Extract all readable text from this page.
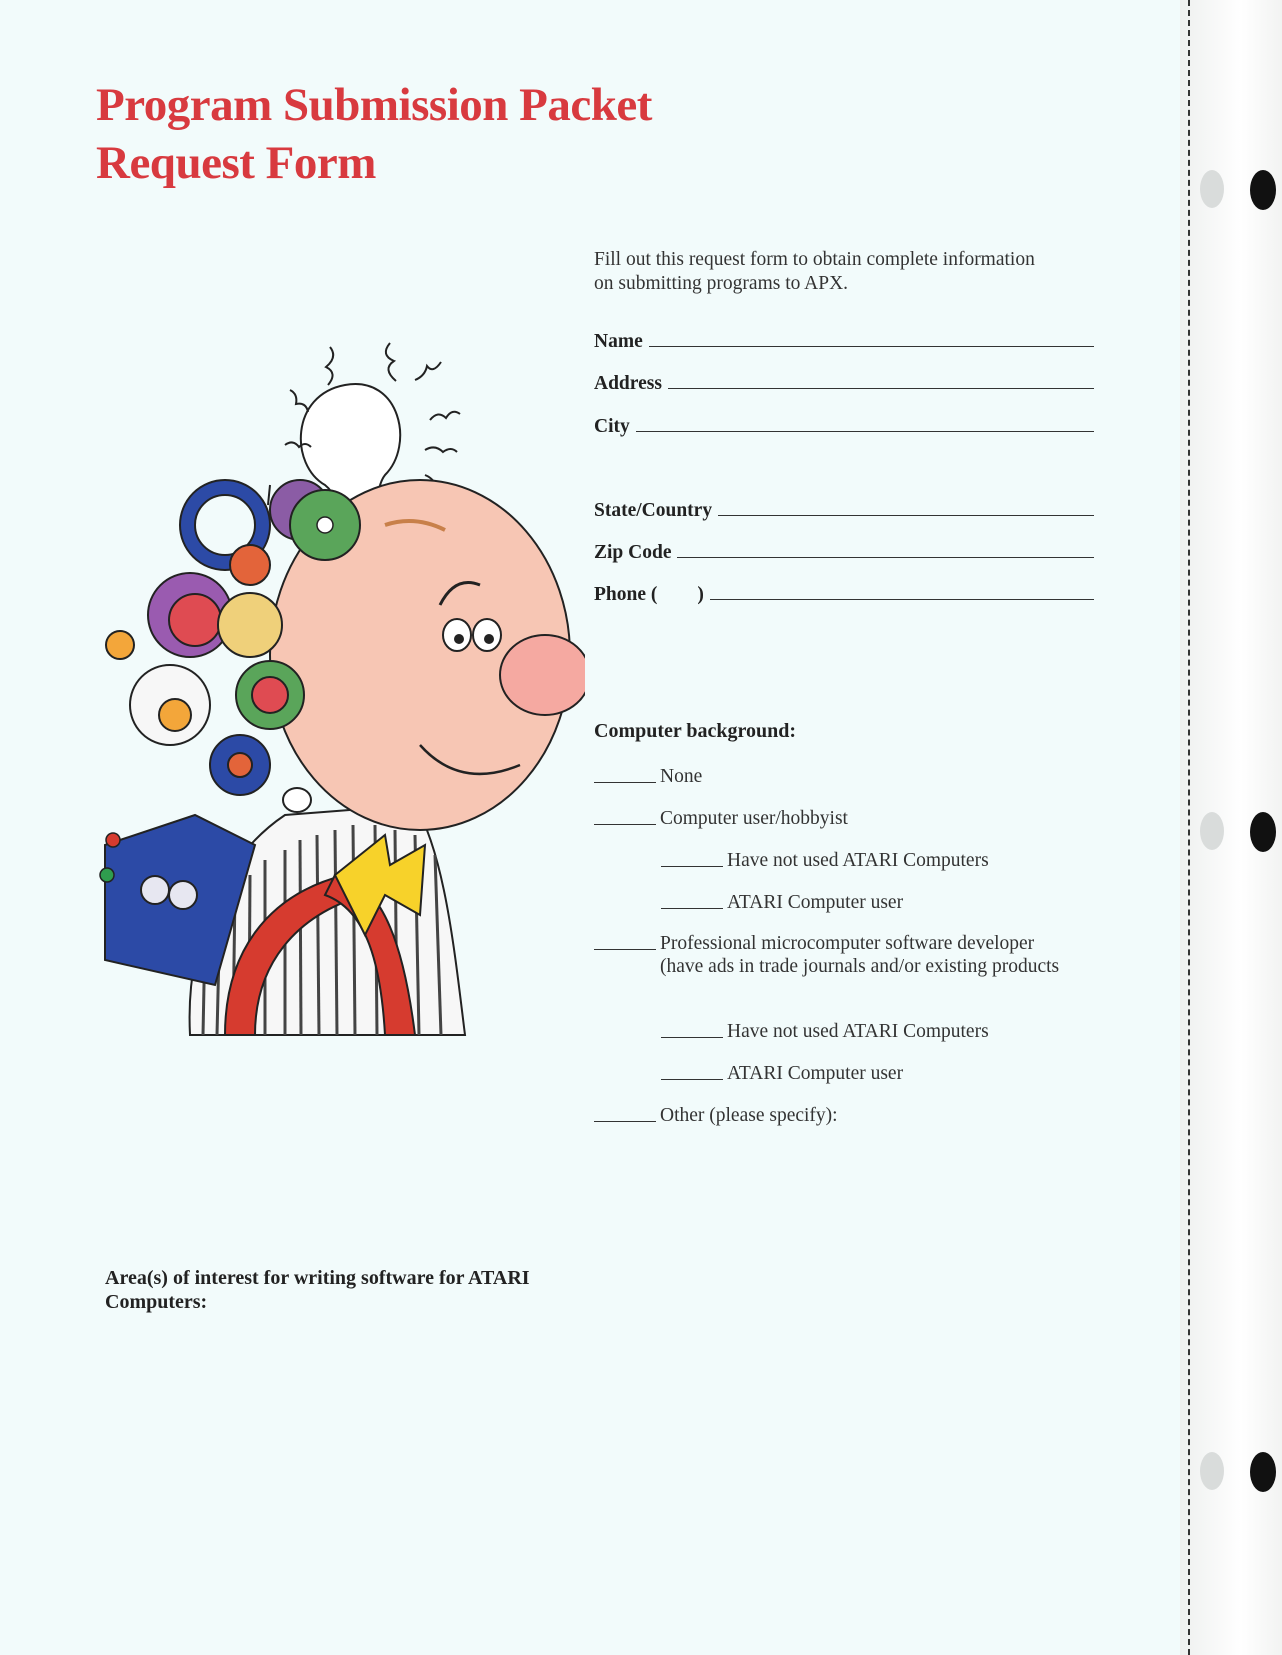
Program Submission Packet
Request Form
Fill out this request form to obtain complete information on submitting programs to APX.
Name
Address
City
State/Country
Zip Code
Phone ( )
Computer background:
None
Computer user/hobbyist
Have not used ATARI Computers
ATARI Computer user
Professional microcomputer software developer (have ads in trade journals and/or existing products
Have not used ATARI Computers
ATARI Computer user
Other (please specify):
Area(s) of interest for writing software for ATARI Computers:
